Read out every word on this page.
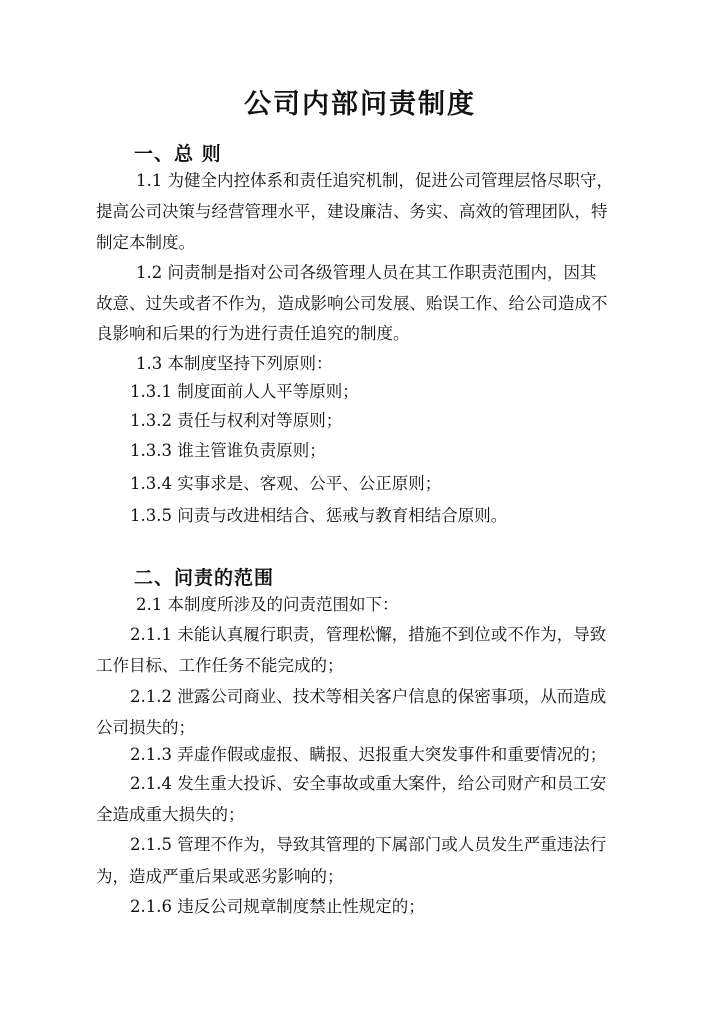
公司内部问责制度
一、总 则
1.1 为健全内控体系和责任追究机制，促进公司管理层恪尽职守，
提高公司决策与经营管理水平，建设廉洁、务实、高效的管理团队，特
制定本制度。
1.2 问责制是指对公司各级管理人员在其工作职责范围内，因其
故意、过失或者不作为，造成影响公司发展、贻误工作、给公司造成不
良影响和后果的行为进行责任追究的制度。
1.3 本制度坚持下列原则：
1.3.1 制度面前人人平等原则；
1.3.2 责任与权利对等原则；
1.3.3 谁主管谁负责原则；
1.3.4 实事求是、客观、公平、公正原则；
1.3.5 问责与改进相结合、惩戒与教育相结合原则。
二、问责的范围
2.1 本制度所涉及的问责范围如下：
2.1.1 未能认真履行职责，管理松懈，措施不到位或不作为，导致
工作目标、工作任务不能完成的；
2.1.2 泄露公司商业、技术等相关客户信息的保密事项，从而造成
公司损失的；
2.1.3 弄虚作假或虚报、瞒报、迟报重大突发事件和重要情况的；
2.1.4 发生重大投诉、安全事故或重大案件，给公司财产和员工安
全造成重大损失的；
2.1.5 管理不作为，导致其管理的下属部门或人员发生严重违法行
为，造成严重后果或恶劣影响的；
2.1.6 违反公司规章制度禁止性规定的；
